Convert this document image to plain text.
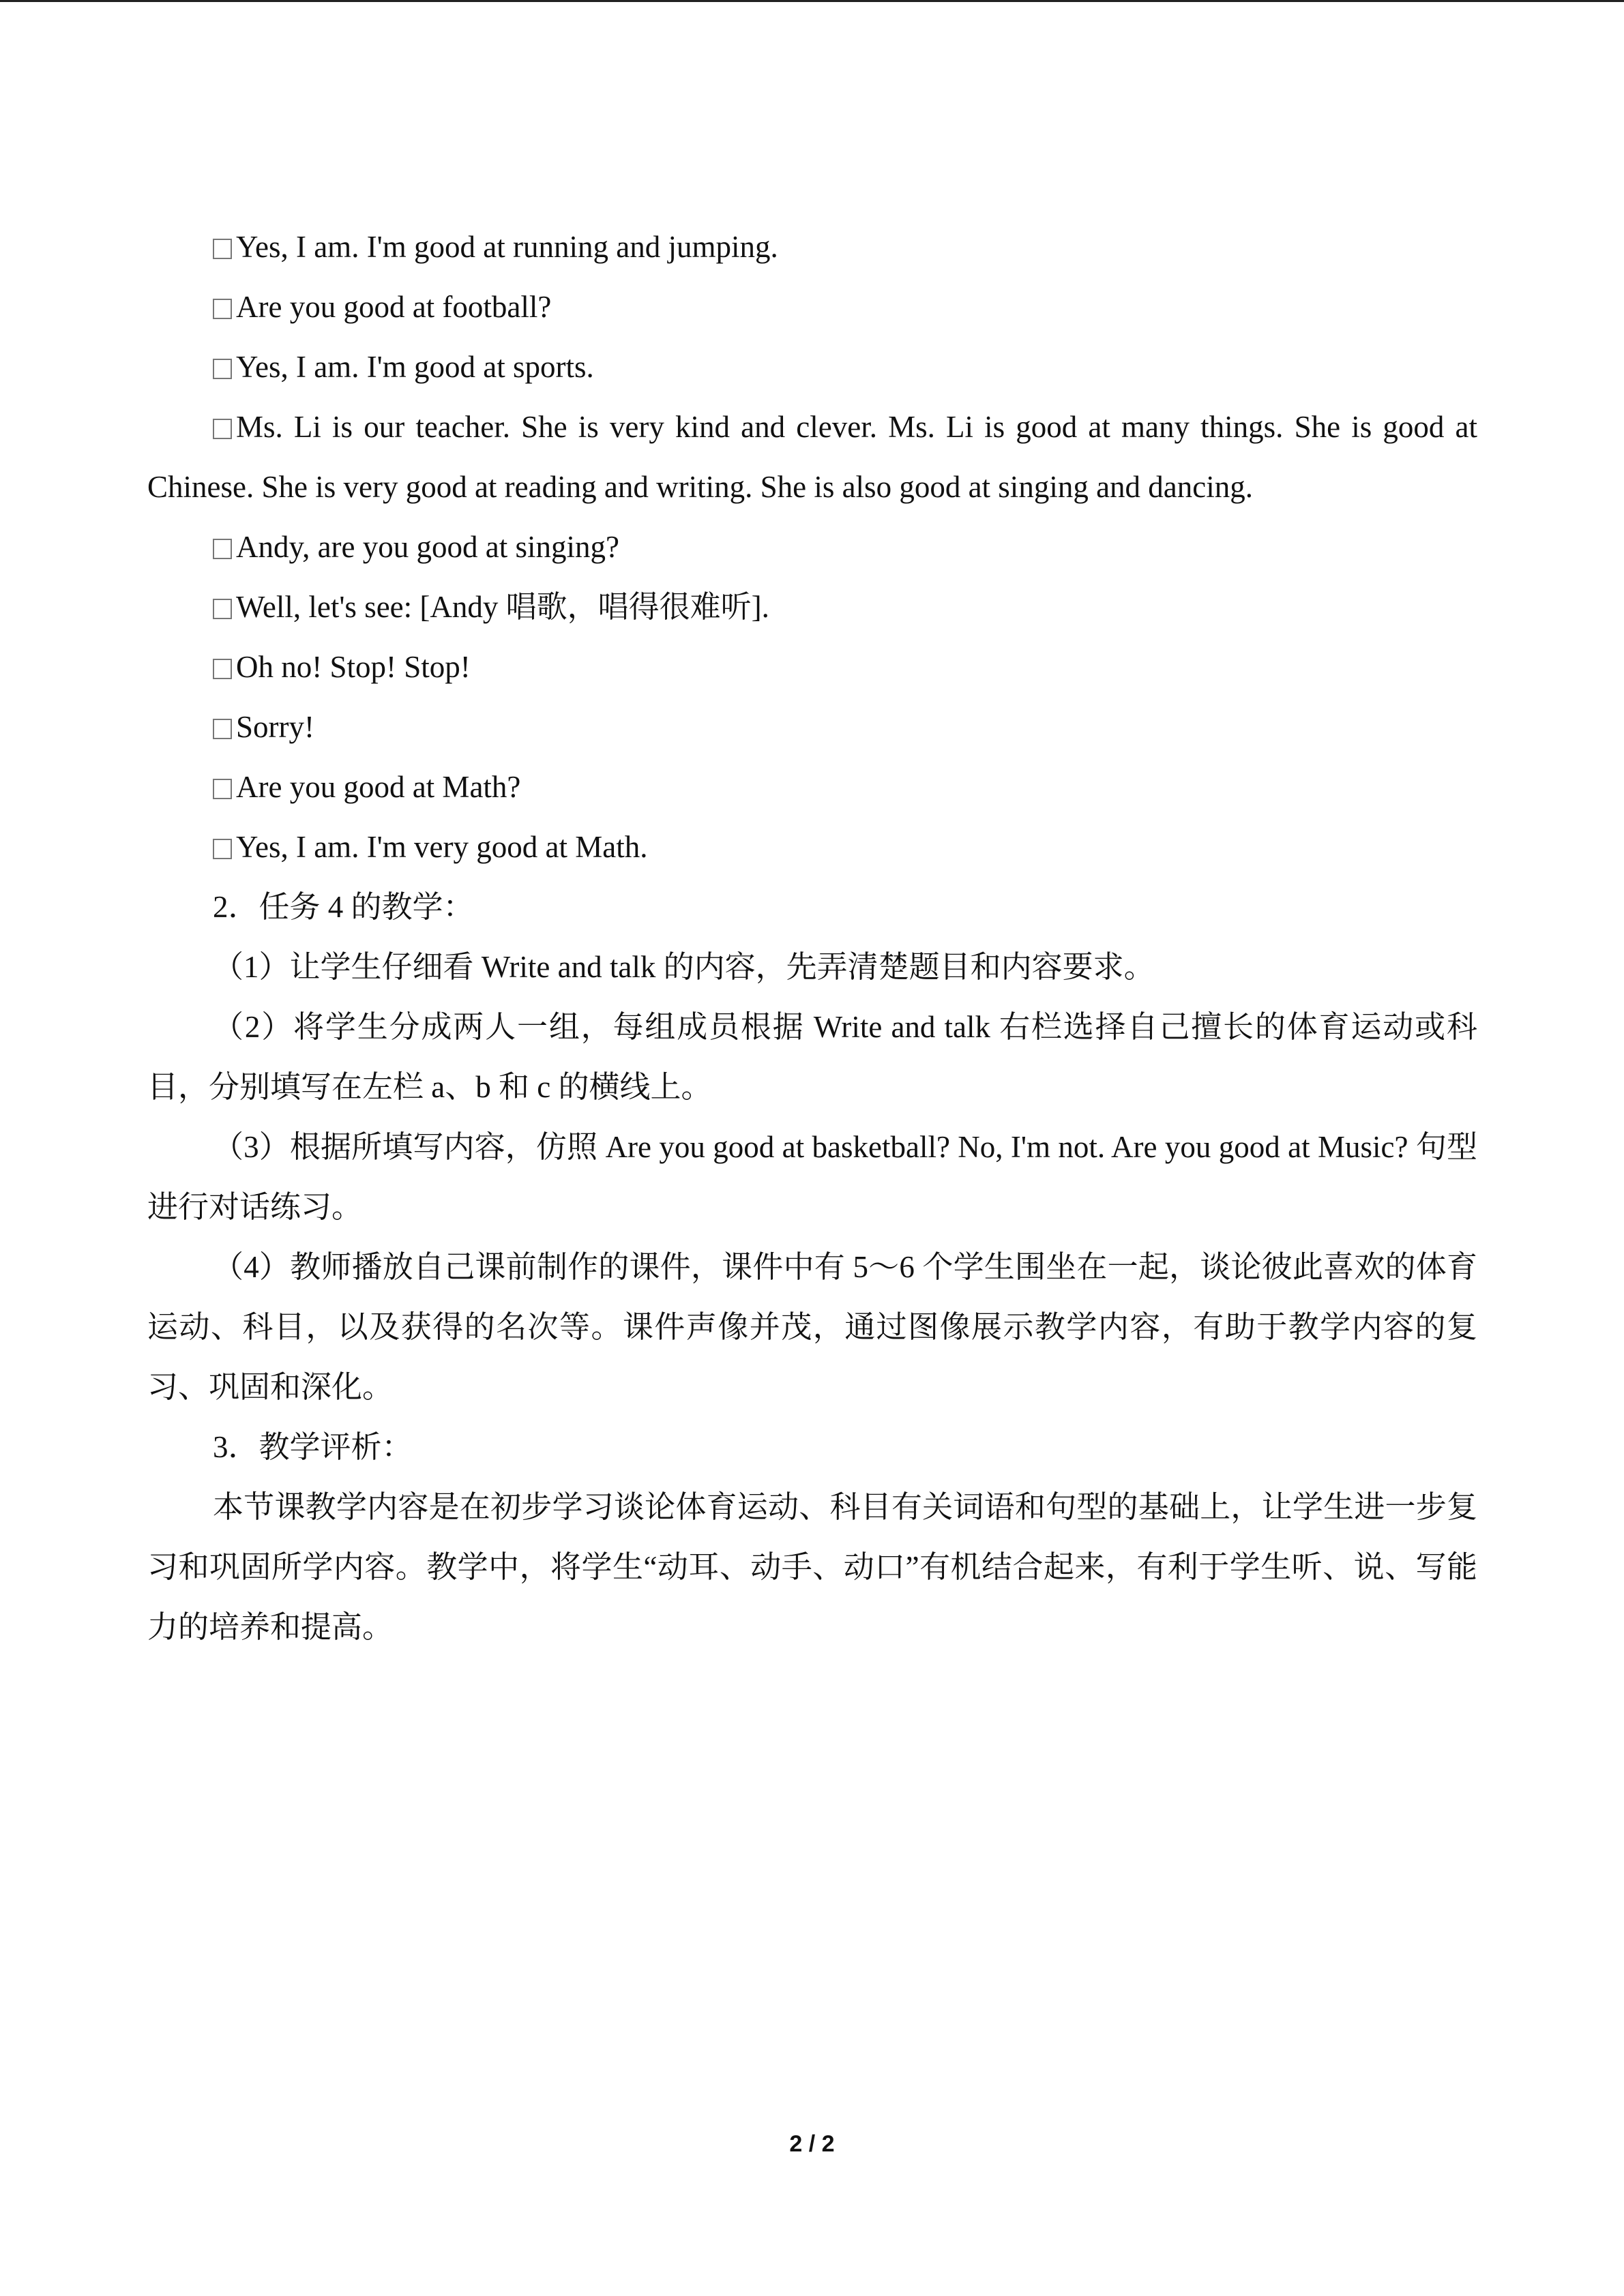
Yes, I am. I'm good at running and jumping.

Are you good at football?

Yes, I am. I'm good at sports.

Ms. Li is our teacher. She is very kind and clever. Ms. Li is good at many things. She is good at Chinese. She is very good at reading and writing. She is also good at singing and dancing.

Andy, are you good at singing?

Well, let's see: [Andy 唱歌，唱得很难听].

Oh no! Stop! Stop!

Sorry!

Are you good at Math?

Yes, I am. I'm very good at Math.

2．任务 4 的教学：

（1）让学生仔细看 Write and talk 的内容，先弄清楚题目和内容要求。

（2）将学生分成两人一组，每组成员根据 Write and talk 右栏选择自己擅长的体育运动或科目，分别填写在左栏 a、b 和 c 的横线上。

（3）根据所填写内容，仿照 Are you good at basketball? No, I'm not. Are you good at Music? 句型进行对话练习。

（4）教师播放自己课前制作的课件，课件中有 5～6 个学生围坐在一起，谈论彼此喜欢的体育运动、科目，以及获得的名次等。课件声像并茂，通过图像展示教学内容，有助于教学内容的复习、巩固和深化。

3．教学评析：

本节课教学内容是在初步学习谈论体育运动、科目有关词语和句型的基础上，让学生进一步复习和巩固所学内容。教学中，将学生“动耳、动手、动口”有机结合起来，有利于学生听、说、写能力的培养和提高。

2 / 2
